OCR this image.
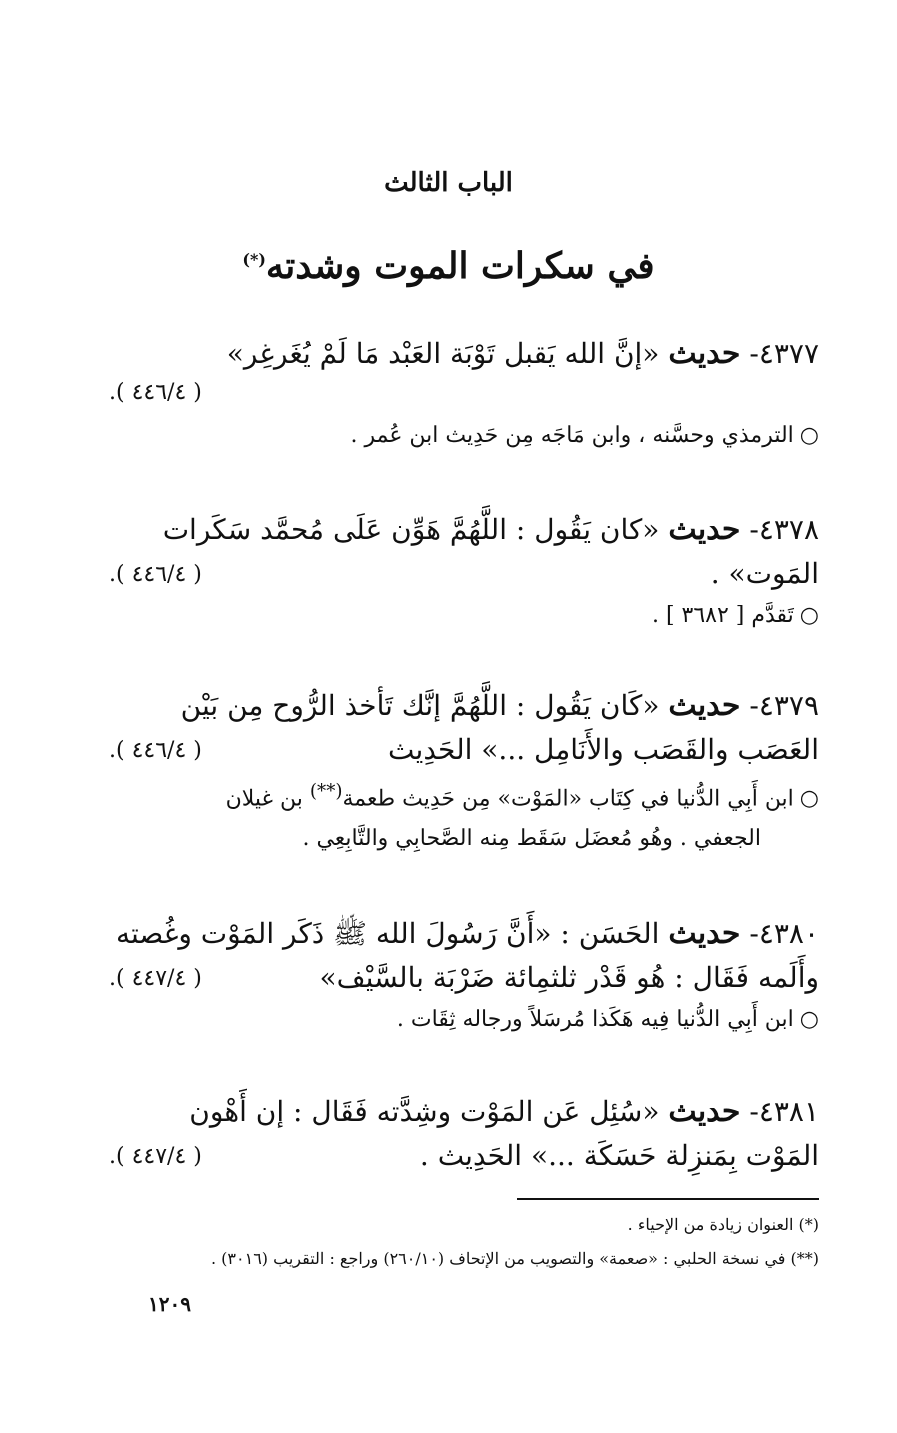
الباب الثالث
في سكرات الموت وشدته(*)
٤٣٧٧- حديث «إنَّ الله يَقبل تَوْبَة العَبْد مَا لَمْ يُغَرغِر»
.( ٤٤٦/٤ )
○الترمذي وحسَّنه ، وابن مَاجَه مِن حَدِيث ابن عُمر .
٤٣٧٨- حديث «كان يَقُول : اللَّهُمَّ هَوِّن عَلَى مُحمَّد سَكَرات
المَوت» .
.( ٤٤٦/٤ )
○تَقدَّم [ ٣٦٨٢ ] .
٤٣٧٩- حديث «كَان يَقُول : اللَّهُمَّ إنَّك تَأخذ الرُّوح مِن بَيْن
العَصَب والقَصَب والأَنَامِل ...» الحَدِيث
.( ٤٤٦/٤ )
○ابن أَبِي الدُّنيا في كِتَاب «المَوْت» مِن حَدِيث طعمة(**) بن غيلان
الجعفي . وهُو مُعضَل سَقَط مِنه الصَّحابِي والتَّابِعِي .
٤٣٨٠- حديث الحَسَن : «أَنَّ رَسُولَ الله ﷺ ذَكَر المَوْت وغُصته
وأَلَمه فَقَال : هُو قَدْر ثلثمِائة ضَرْبَة بالسَّيْف»
.( ٤٤٧/٤ )
○ابن أَبِي الدُّنيا فِيه هَكَذا مُرسَلاً ورجاله ثِقَات .
٤٣٨١- حديث «سُئِل عَن المَوْت وشِدَّته فَقَال : إن أَهْون
المَوْت بِمَنزِلة حَسَكَة ...» الحَدِيث .
.( ٤٤٧/٤ )
(*) العنوان زيادة من الإحياء .
(**) في نسخة الحلبي : «صعمة» والتصويب من الإتحاف (٢٦٠/١٠) وراجع : التقريب (٣٠١٦) .
١٢٠٩
